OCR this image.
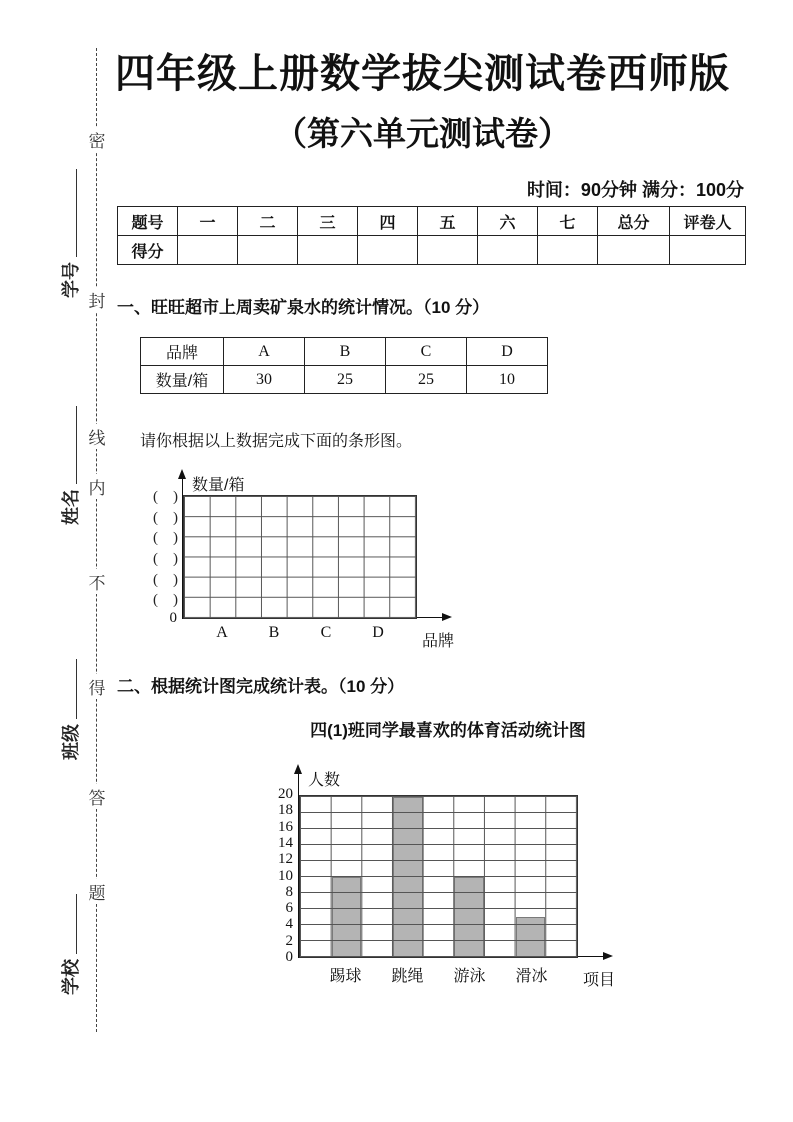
密
封
线
内
不
得
答
题
学号
姓名
班级
学校
四年级上册数学拔尖测试卷西师版
（第六单元测试卷）
时间：90分钟 满分：100分
题号	一	二	三	四	五	六	七	总分	评卷人
得分									
一、旺旺超市上周卖矿泉水的统计情况。（10 分）
品牌	A	B	C	D
数量/箱	30	25	25	10
请你根据以上数据完成下面的条形图。
数量/箱
品牌
A	B	C	D
(　)
(　)
(　)
(　)
(　)
(　)
0
二、根据统计图完成统计表。（10 分）
四(1)班同学最喜欢的体育活动统计图
人数
项目
踢球	跳绳	游泳	滑冰
0
2
4
6
8
10
12
14
16
18
20
